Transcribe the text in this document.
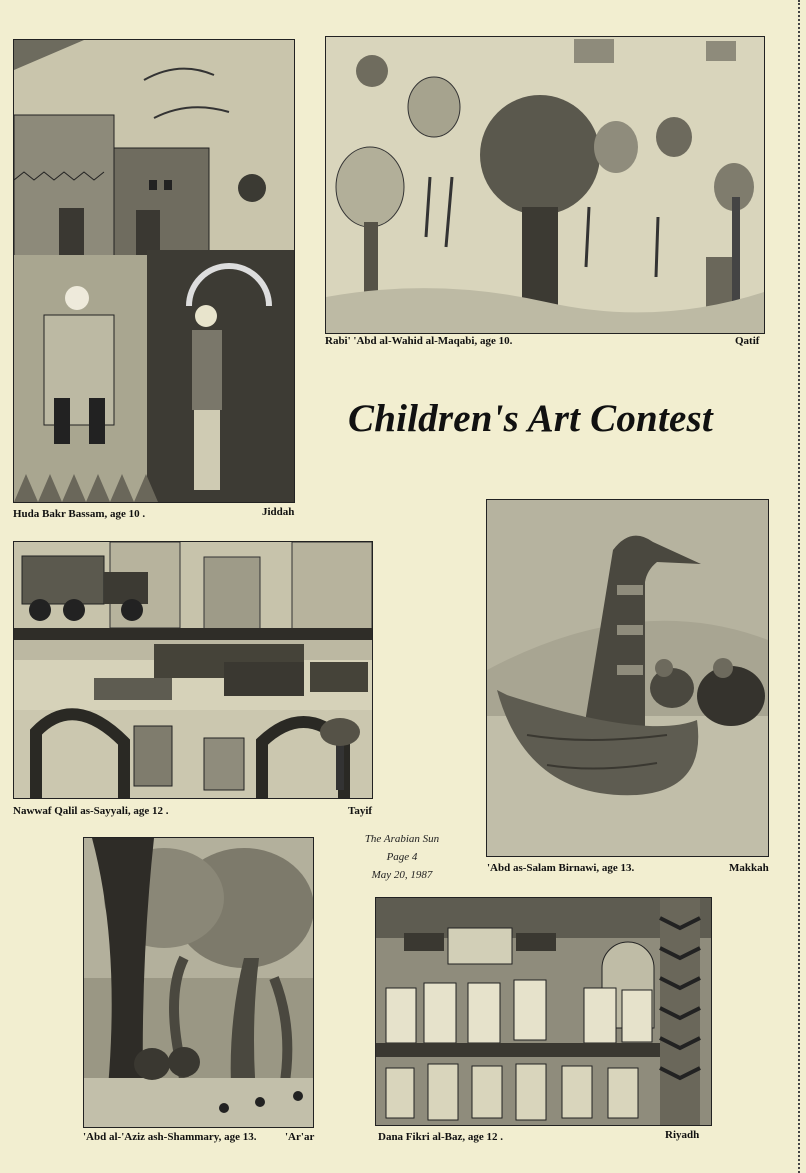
Huda Bakr Bassam, age 10 .	Jiddah
Rabi' 'Abd al-Wahid al-Maqabi, age 10.	Qatif
Children's Art Contest
Nawwaf Qalil as-Sayyali, age 12 .	Tayif
'Abd as-Salam Birnawi, age 13.	Makkah
The Arabian Sun
Page 4
May 20, 1987
'Abd al-'Aziz ash-Shammary, age 13.	'Ar'ar	Dana Fikri al-Baz, age 12 .	Riyadh
